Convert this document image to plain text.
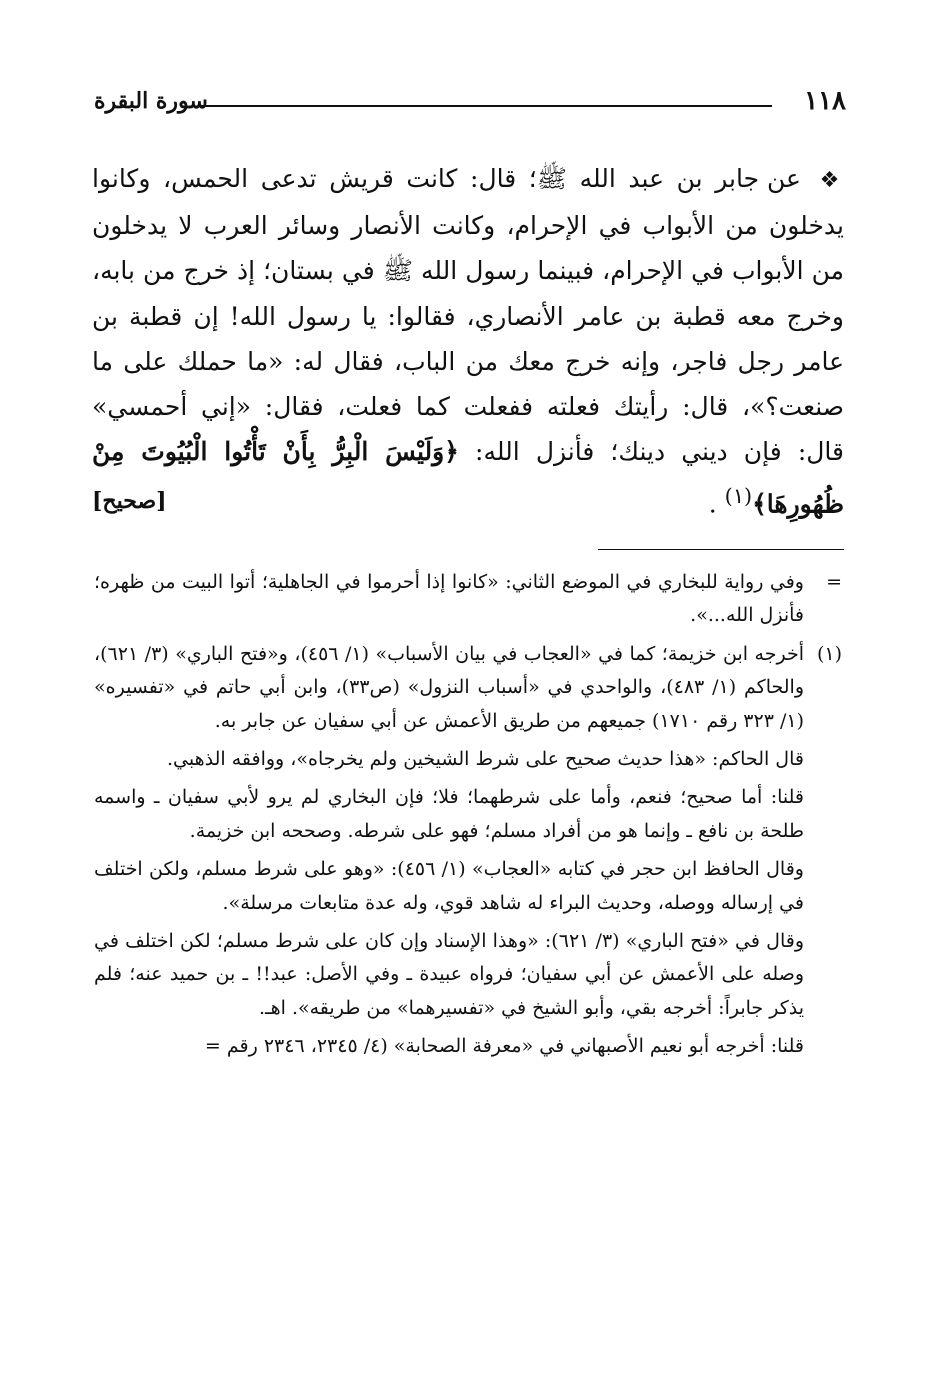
١١٨
سورة البقرة

❖ عن جابر بن عبد الله ﷺ؛ قال: كانت قريش تدعى الحمس، وكانوا يدخلون من الأبواب في الإحرام، وكانت الأنصار وسائر العرب لا يدخلون من الأبواب في الإحرام، فبينما رسول الله ﷺ في بستان؛ إذ خرج من بابه، وخرج معه قطبة بن عامر الأنصاري، فقالوا: يا رسول الله! إن قطبة بن عامر رجل فاجر، وإنه خرج معك من الباب، فقال له: «ما حملك على ما صنعت؟»، قال: رأيتك فعلته ففعلت كما فعلت، فقال: «إني أحمسي» قال: فإن ديني دينك؛ فأنزل الله: ﴿وَلَيْسَ الْبِرُّ بِأَنْ تَأْتُوا الْبُيُوتَ مِنْ ظُهُورِهَا﴾$^{(١)}$ .

[صحيح]
=

وفي رواية للبخاري في الموضع الثاني: «كانوا إذا أحرموا في الجاهلية؛ أتوا البيت من ظهره؛ فأنزل الله...».

(١)

أخرجه ابن خزيمة؛ كما في «العجاب في بيان الأسباب» (١/ ٤٥٦)، و«فتح الباري» (٣/ ٦٢١)، والحاكم (١/ ٤٨٣)، والواحدي في «أسباب النزول» (ص٣٣)، وابن أبي حاتم في «تفسيره» (١/ ٣٢٣ رقم ١٧١٠) جميعهم من طريق الأعمش عن أبي سفيان عن جابر به.

قال الحاكم: «هذا حديث صحيح على شرط الشيخين ولم يخرجاه»، ووافقه الذهبي.

قلنا: أما صحيح؛ فنعم، وأما على شرطهما؛ فلا؛ فإن البخاري لم يرو لأبي سفيان ـ واسمه طلحة بن نافع ـ وإنما هو من أفراد مسلم؛ فهو على شرطه. وصححه ابن خزيمة.

وقال الحافظ ابن حجر في كتابه «العجاب» (١/ ٤٥٦): «وهو على شرط مسلم، ولكن اختلف في إرساله ووصله، وحديث البراء له شاهد قوي، وله عدة متابعات مرسلة».

وقال في «فتح الباري» (٣/ ٦٢١): «وهذا الإسناد وإن كان على شرط مسلم؛ لكن اختلف في وصله على الأعمش عن أبي سفيان؛ فرواه عبيدة ـ وفي الأصل: عبد!! ـ بن حميد عنه؛ فلم يذكر جابراً: أخرجه بقي، وأبو الشيخ في «تفسيرهما» من طريقه». اهـ.

قلنا: أخرجه أبو نعيم الأصبهاني في «معرفة الصحابة» (٤/ ٢٣٤٥، ٢٣٤٦ رقم =
